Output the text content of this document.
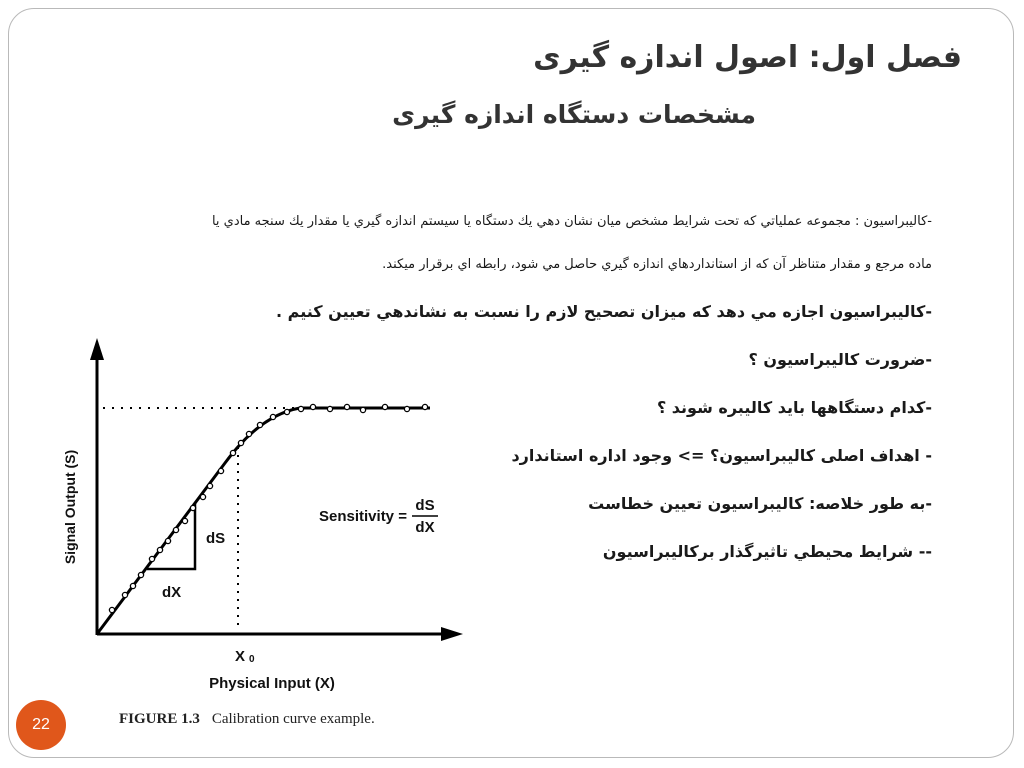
فصل اول: اصول اندازه گیری
مشخصات دستگاه اندازه گیری
-کاليبراسيون : مجموعه عملياتي که تحت شرايط مشخص ميان نشان دهي يك دستگاه يا سيستم اندازه گيري يا مقدار يك سنجه مادي يا
ماده مرجع و مقدار متناظر آن که از استانداردهاي اندازه گيري حاصل مي شود، رابطه اي برقرار ميکند.
-کاليبراسيون اجازه مي دهد که ميزان تصحيح لازم را نسبت به نشاندهي تعيين کنيم .
-ضرورت کاليبراسيون ؟
-کدام دستگاهها باید کالیبره شوند ؟
- اهداف اصلی کالیبراسیون؟ => وجود اداره استاندارد
-به طور خلاصه: کالیبراسیون تعیین خطاست
-- شرايط محيطي تاثیرگذار برکاليبراسيون
dS
dX
Sensitivity =
dS
dX
X 0
Physical Input (X)
Signal Output (S)
FIGURE 1.3 Calibration curve example.
22
